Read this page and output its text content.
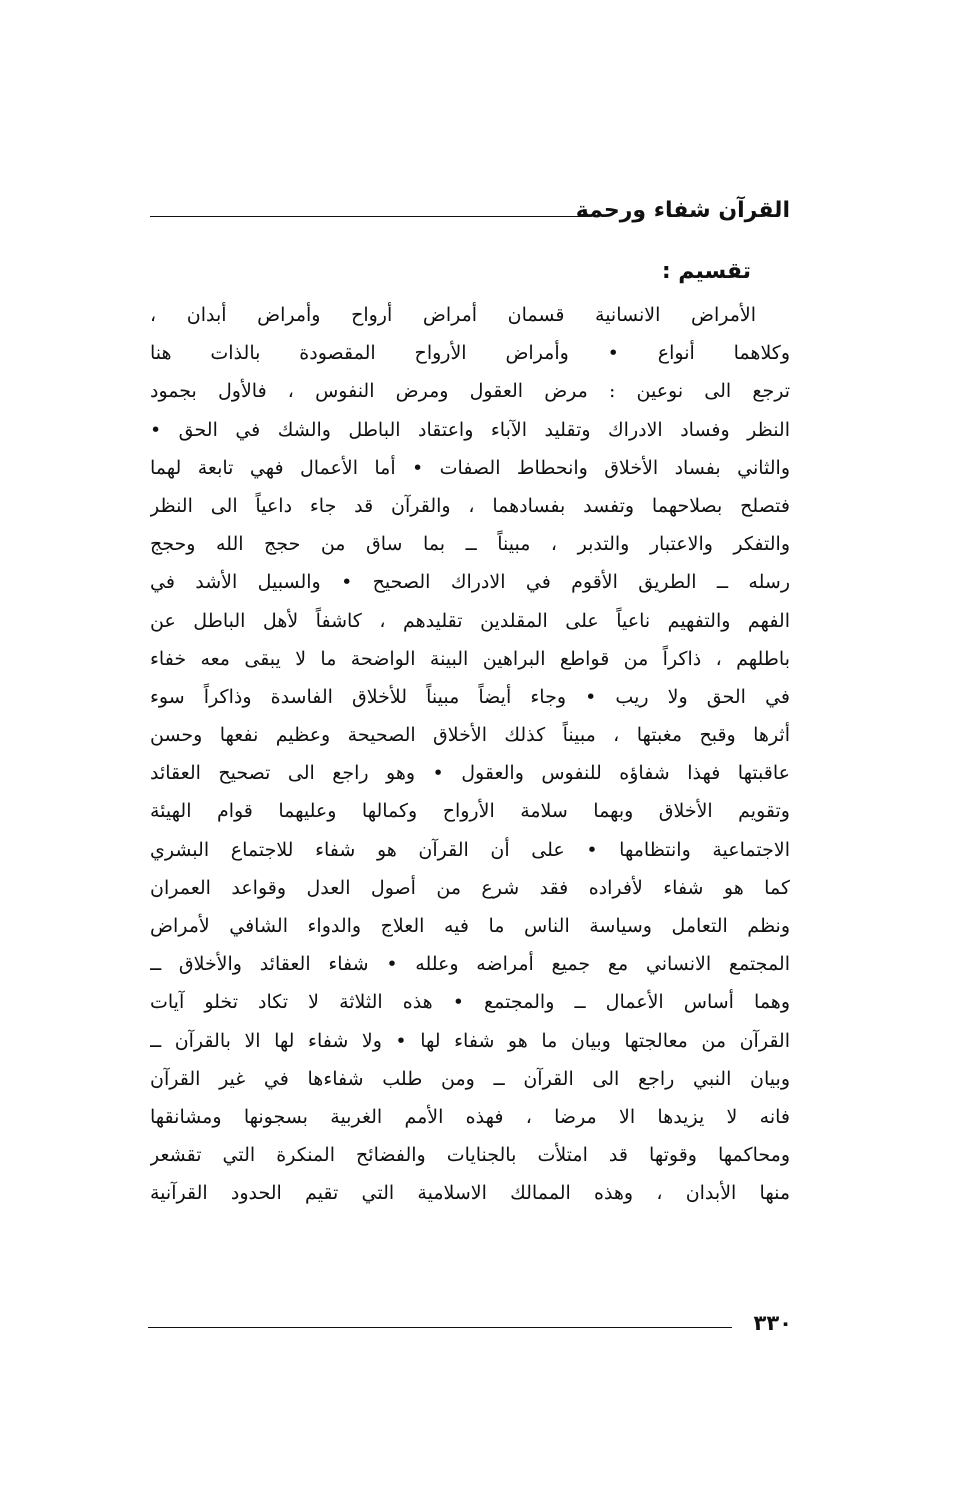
القرآن شفاء ورحمة
تقسيم :
الأمراض الانسانية قسمان أمراض أرواح وأمراض أبدان ،
وكلاهما أنواع • وأمراض الأرواح المقصودة بالذات هنا
ترجع الى نوعين : مرض العقول ومرض النفوس ، فالأول بجمود
النظر وفساد الادراك وتقليد الآباء واعتقاد الباطل والشك في الحق •
والثاني بفساد الأخلاق وانحطاط الصفات • أما الأعمال فهي تابعة لهما
فتصلح بصلاحهما وتفسد بفسادهما ، والقرآن قد جاء داعياً الى النظر
والتفكر والاعتبار والتدبر ، مبيناً ــ بما ساق من حجج الله وحجج
رسله ــ الطريق الأقوم في الادراك الصحيح • والسبيل الأشد في
الفهم والتفهيم ناعياً على المقلدين تقليدهم ، كاشفاً لأهل الباطل عن
باطلهم ، ذاكراً من قواطع البراهين البينة الواضحة ما لا يبقى معه خفاء
في الحق ولا ريب • وجاء أيضاً مبيناً للأخلاق الفاسدة وذاكراً سوء
أثرها وقبح مغبتها ، مبيناً كذلك الأخلاق الصحيحة وعظيم نفعها وحسن
عاقبتها فهذا شفاؤه للنفوس والعقول • وهو راجع الى تصحيح العقائد
وتقويم الأخلاق وبهما سلامة الأرواح وكمالها وعليهما قوام الهيئة
الاجتماعية وانتظامها • على أن القرآن هو شفاء للاجتماع البشري
كما هو شفاء لأفراده فقد شرع من أصول العدل وقواعد العمران
ونظم التعامل وسياسة الناس ما فيه العلاج والدواء الشافي لأمراض
المجتمع الانساني مع جميع أمراضه وعلله • شفاء العقائد والأخلاق ــ
وهما أساس الأعمال ــ والمجتمع • هذه الثلاثة لا تكاد تخلو آيات
القرآن من معالجتها وبيان ما هو شفاء لها • ولا شفاء لها الا بالقرآن ــ
وبيان النبي راجع الى القرآن ــ ومن طلب شفاءها في غير القرآن
فانه لا يزيدها الا مرضا ، فهذه الأمم الغربية بسجونها ومشانقها
ومحاكمها وقوتها قد امتلأت بالجنايات والفضائح المنكرة التي تقشعر
منها الأبدان ، وهذه الممالك الاسلامية التي تقيم الحدود القرآنية
٣٣٠
